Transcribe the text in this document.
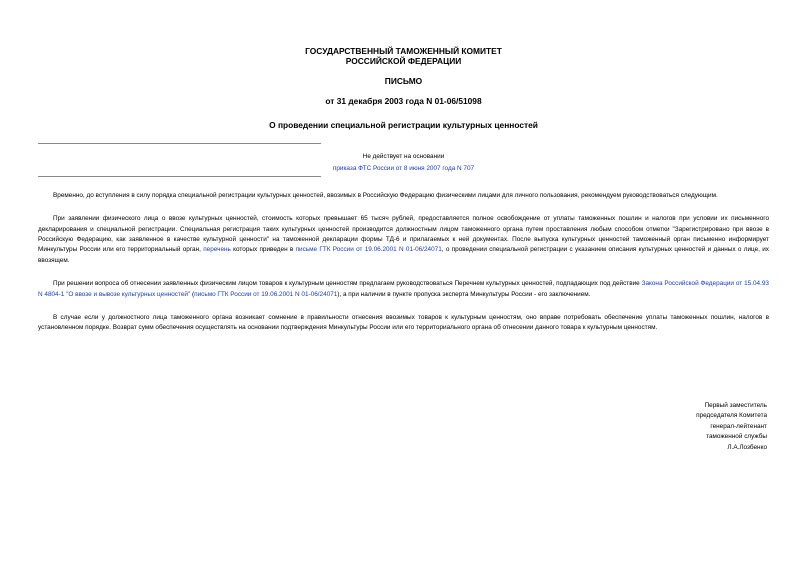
ГОСУДАРСТВЕННЫЙ ТАМОЖЕННЫЙ КОМИТЕТ
РОССИЙСКОЙ ФЕДЕРАЦИИ
ПИСЬМО
от 31 декабря 2003 года N 01-06/51098
О проведении специальной регистрации культурных ценностей
Не действует на основании
приказа ФТС России от 8 июня 2007 года N 707

Временно, до вступления в силу порядка специальной регистрации культурных ценностей, ввозимых в Российскую Федерацию физическими лицами для личного пользования, рекомендуем руководствоваться следующим.

При заявлении физического лица о ввозе культурных ценностей, стоимость которых превышает 65 тысяч рублей, предоставляется полное освобождение от уплаты таможенных пошлин и налогов при условии их письменного декларирования и специальной регистрации. Специальная регистрация таких культурных ценностей производится должностным лицом таможенного органа путем проставления любым способом отметки "Зарегистрировано при ввозе в Российскую Федерацию, как заявленное в качестве культурной ценности" на таможенной декларации формы ТД-6 и прилагаемых к ней документах. После выпуска культурных ценностей таможенный орган письменно информирует Минкультуры России или его территориальный орган, перечень которых приведен в письме ГТК России от 19.06.2001 N 01-06/24071, о проведении специальной регистрации с указанием описания культурных ценностей и данных о лице, их ввозящем.

При решении вопроса об отнесении заявленных физическим лицом товаров к культурным ценностям предлагаем руководствоваться Перечнем культурных ценностей, подпадающих под действие Закона Российской Федерации от 15.04.93 N 4804-1 "О ввозе и вывозе культурных ценностей" (письмо ГТК России от 19.06.2001 N 01-06/24071), а при наличии в пункте пропуска эксперта Минкультуры России - его заключением.

В случае если у должностного лица таможенного органа возникает сомнение в правильности отнесения ввозимых товаров к культурным ценностям, оно вправе потребовать обеспечение уплаты таможенных пошлин, налогов в установленном порядке. Возврат сумм обеспечения осуществлять на основании подтверждения Минкультуры России или его территориального органа об отнесении данного товара к культурным ценностям.

Первый заместитель
председателя Комитета
генерал-лейтенант
таможенной службы
Л.А.Лозбенко
